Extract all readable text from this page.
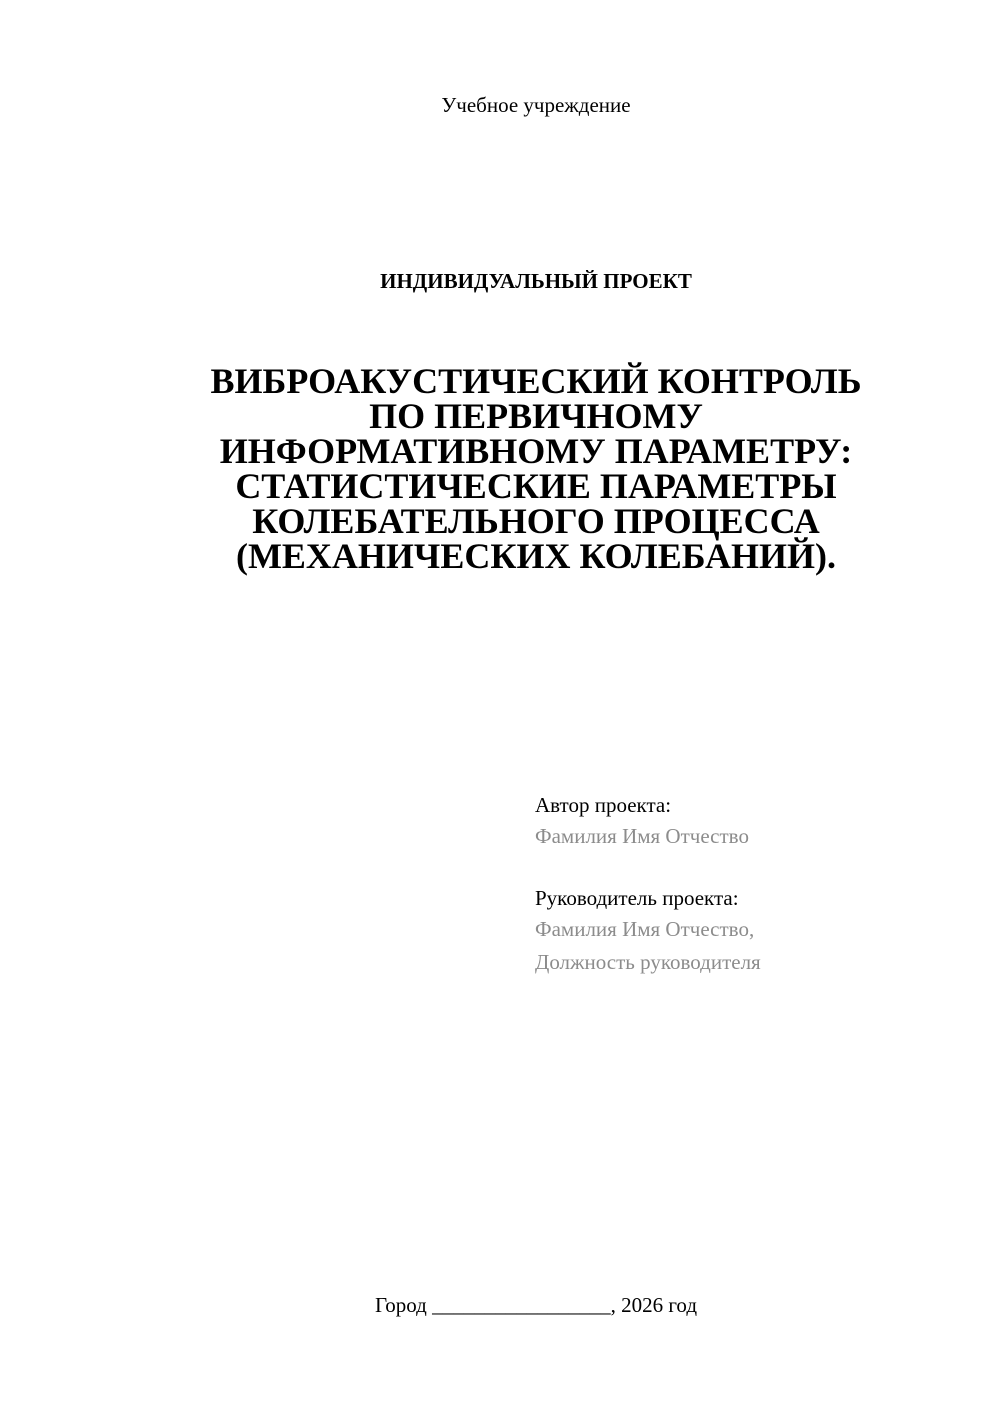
Учебное учреждение
ИНДИВИДУАЛЬНЫЙ ПРОЕКТ
ВИБРОАКУСТИЧЕСКИЙ КОНТРОЛЬ
ПО ПЕРВИЧНОМУ
ИНФОРМАТИВНОМУ ПАРАМЕТРУ:
СТАТИСТИЧЕСКИЕ ПАРАМЕТРЫ
КОЛЕБАТЕЛЬНОГО ПРОЦЕССА
(МЕХАНИЧЕСКИХ КОЛЕБАНИЙ).
Автор проекта:
Фамилия Имя Отчество
Руководитель проекта:
Фамилия Имя Отчество,
Должность руководителя
Город _________________, 2026 год
